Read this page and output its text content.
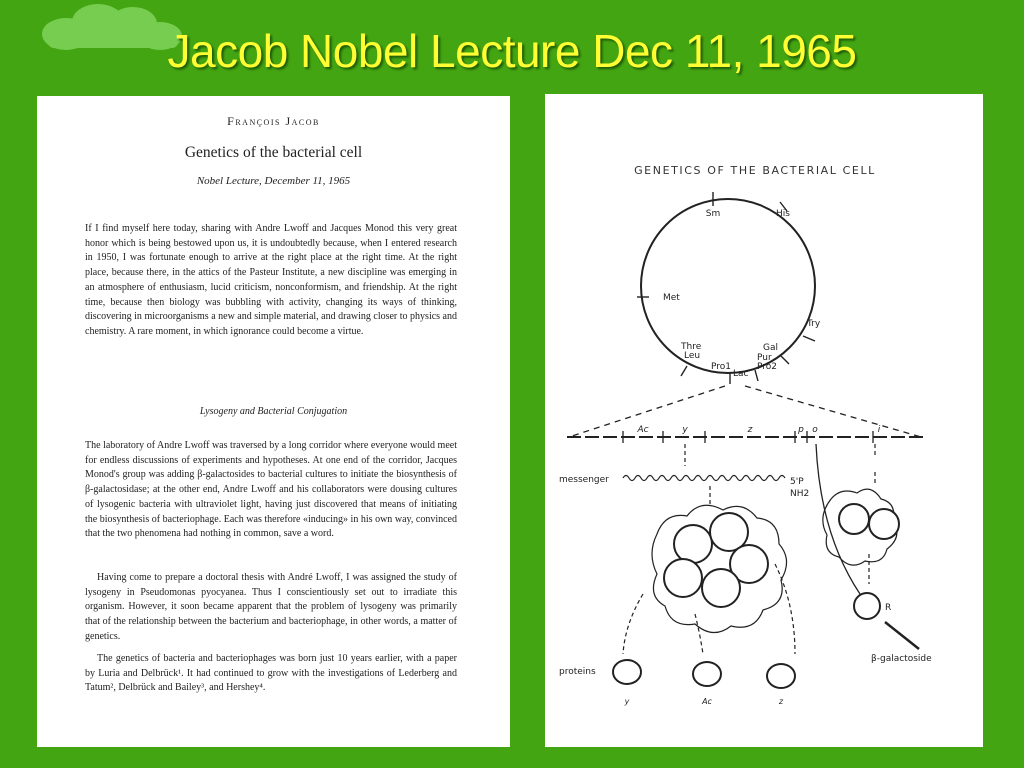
Jacob Nobel Lecture Dec 11, 1965
François Jacob
Genetics of the bacterial cell
Nobel Lecture, December 11, 1965

If I find myself here today, sharing with Andre Lwoff and Jacques Monod this very great honor which is being bestowed upon us, it is undoubtedly because, when I entered research in 1950, I was fortunate enough to arrive at the right place at the right time. At the right place, because there, in the attics of the Pasteur Institute, a new discipline was emerging in an atmosphere of enthusiasm, lucid criticism, nonconformism, and friendship. At the right time, because then biology was bubbling with activity, changing its ways of thinking, discovering in microorganisms a new and simple material, and drawing closer to physics and chemistry. A rare moment, in which ignorance could become a virtue.

Lysogeny and Bacterial Conjugation

The laboratory of Andre Lwoff was traversed by a long corridor where everyone would meet for endless discussions of experiments and hypotheses. At one end of the corridor, Jacques Monod's group was adding β-galactosides to bacterial cultures to initiate the biosynthesis of β-galactosidase; at the other end, Andre Lwoff and his collaborators were dousing cultures of lysogenic bacteria with ultraviolet light, having just discovered that means of initiating the biosynthesis of bacteriophage. Each was therefore «inducing» in his own way, convinced that the two phenomena had nothing in common, save a word.

Having come to prepare a doctoral thesis with André Lwoff, I was assigned the study of lysogeny in Pseudomonas pyocyanea. Thus I conscientiously set out to irradiate this organism. However, it soon became apparent that the problem of lysogeny was primarily that of the relationship between the bacterium and bacteriophage, in other words, a matter of genetics.

The genetics of bacteria and bacteriophages was born just 10 years earlier, with a paper by Luria and Delbrück¹. It had continued to grow with the investigations of Lederberg and Tatum², Delbrück and Bailey³, and Hershey⁴.

GENETICS OF THE BACTERIAL CELL
Sm	His
Met
Try
Gal
Pur
Thre
Leu
Pro1
Lac
Pro2
Ac	y	z	p o	i
messenger	5'P
NH2
R
β-galactoside
proteins
y	Ac	z
